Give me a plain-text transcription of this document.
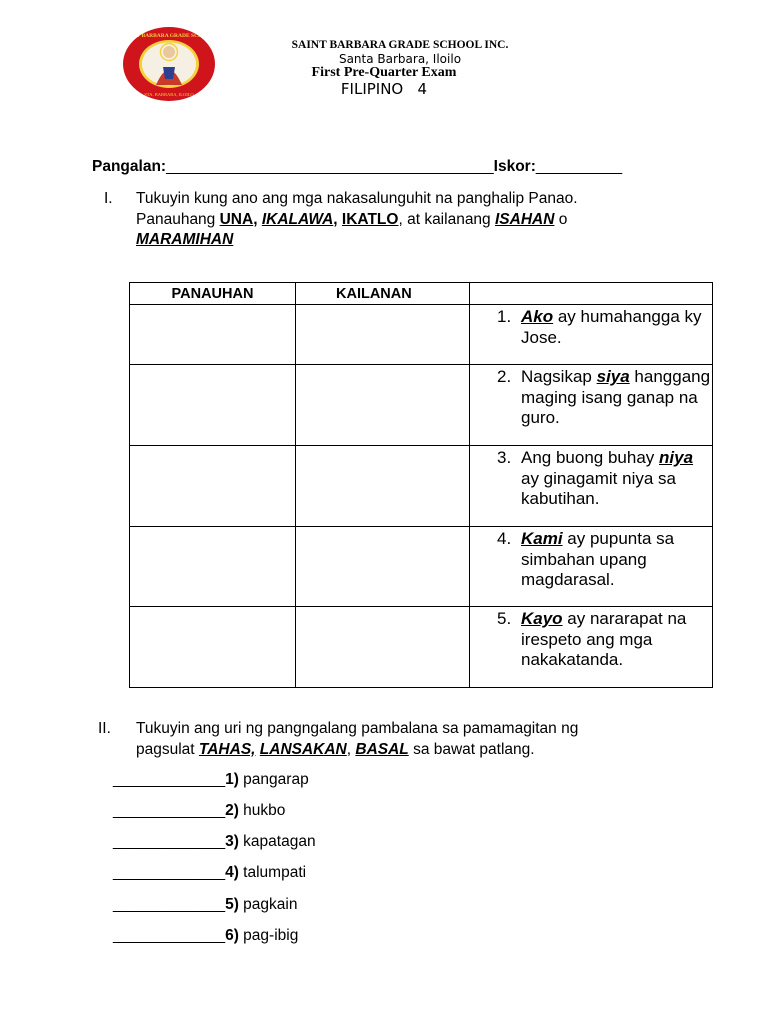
SAINT BARBARA GRADE SCHOOL
STA. BARBARA, ILOILO
SAINT BARBARA GRADE SCHOOL INC.
Santa Barbara, Iloilo
First Pre-Quarter Exam
FILIPINO   4
Pangalan:______________________________________Iskor:__________
I. Tukuyin kung ano ang mga nakasalunguhit na panghalip Panao.
Panauhang UNA, IKALAWA, IKATLO, at kailanang ISAHAN o
MARAMIHAN
PANAUHAN	KAILANAN	

		1. Ako ay humahangga ky Jose.

		2. Nagsikap siya hanggang maging isang ganap na guro.

		3. Ang buong buhay niya ay ginagamit niya sa kabutihan.

		4. Kami ay pupunta sa simbahan upang magdarasal.

		5. Kayo ay nararapat na irespeto ang mga nakakatanda.
II. Tukuyin ang uri ng pangngalang pambalana sa pamamagitan ng
pagsulat TAHAS, LANSAKAN, BASAL sa bawat patlang.
_____________1) pangarap
_____________2) hukbo
_____________3) kapatagan
_____________4) talumpati
_____________5) pagkain
_____________6) pag-ibig
